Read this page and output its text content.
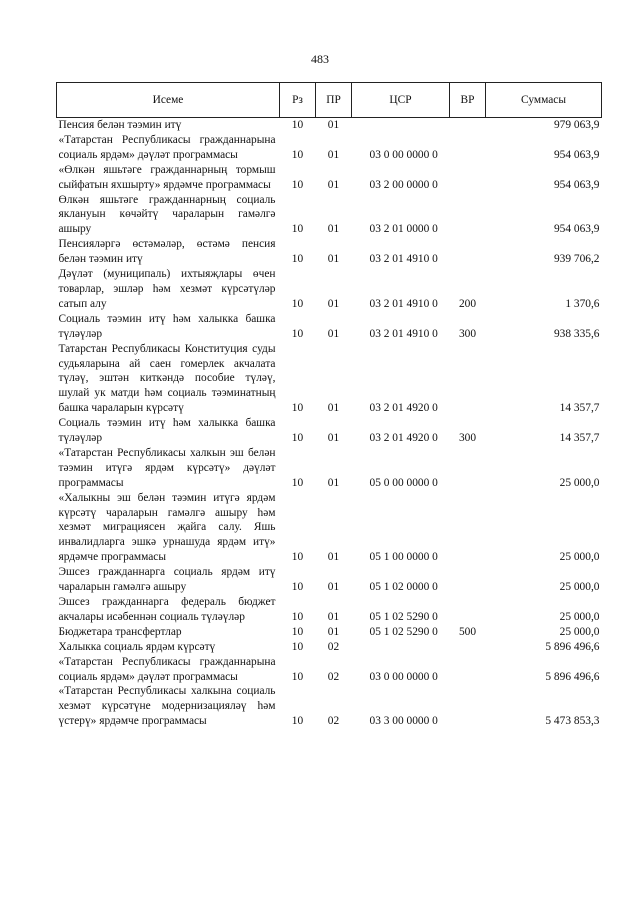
483
Исеме	Рз	ПР	ЦСР	ВР	Суммасы
Пенсия белән тәэмин итү	10	01			979 063,9
«Татарстан Республикасы гражданнарына социаль ярдәм» дәүләт программасы	10	01	03 0 00 0000 0		954 063,9
«Өлкән яшьтәге гражданнарның тормыш сыйфатын яхшырту» ярдәмче программасы	10	01	03 2 00 0000 0		954 063,9
Өлкән яшьтәге гражданнарның социаль яклануын көчәйтү чараларын гамәлгә ашыру	10	01	03 2 01 0000 0		954 063,9
Пенсияләргә өстәмәләр, өстәмә пенсия белән тәэмин итү	10	01	03 2 01 4910 0		939 706,2
Дәүләт (муниципаль) ихтыяҗлары өчен товарлар, эшләр һәм хезмәт күрсәтүләр сатып алу	10	01	03 2 01 4910 0	200	1 370,6
Социаль тәэмин итү һәм халыкка башка түләүләр	10	01	03 2 01 4910 0	300	938 335,6
Татарстан Республикасы Конституция суды судьяларына ай саен гомерлек акчалата түләү, эштән киткәндә пособие түләү, шулай ук матди һәм социаль тәэминатның башка чараларын күрсәтү	10	01	03 2 01 4920 0		14 357,7
Социаль тәэмин итү һәм халыкка башка түләүләр	10	01	03 2 01 4920 0	300	14 357,7
«Татарстан Республикасы халкын эш белән тәэмин итүгә ярдәм күрсәтү» дәүләт программасы	10	01	05 0 00 0000 0		25 000,0
«Халыкны эш белән тәэмин итүгә ярдәм күрсәтү чараларын гамәлгә ашыру һәм хезмәт миграциясен җайга салу. Яшь инвалидларга эшкә урнашуда ярдәм итү» ярдәмче программасы	10	01	05 1 00 0000 0		25 000,0
Эшсез гражданнарга социаль ярдәм итү чараларын гамәлгә ашыру	10	01	05 1 02 0000 0		25 000,0
Эшсез гражданнарга федераль бюджет акчалары исәбеннән социаль түләүләр	10	01	05 1 02 5290 0		25 000,0
Бюджетара трансфертлар	10	01	05 1 02 5290 0	500	25 000,0
Халыкка социаль ярдәм күрсәтү	10	02			5 896 496,6
«Татарстан Республикасы гражданнарына социаль ярдәм» дәүләт программасы	10	02	03 0 00 0000 0		5 896 496,6
«Татарстан Республикасы халкына социаль хезмәт күрсәтүне модернизацияләү һәм үстерү» ярдәмче программасы	10	02	03 3 00 0000 0		5 473 853,3
